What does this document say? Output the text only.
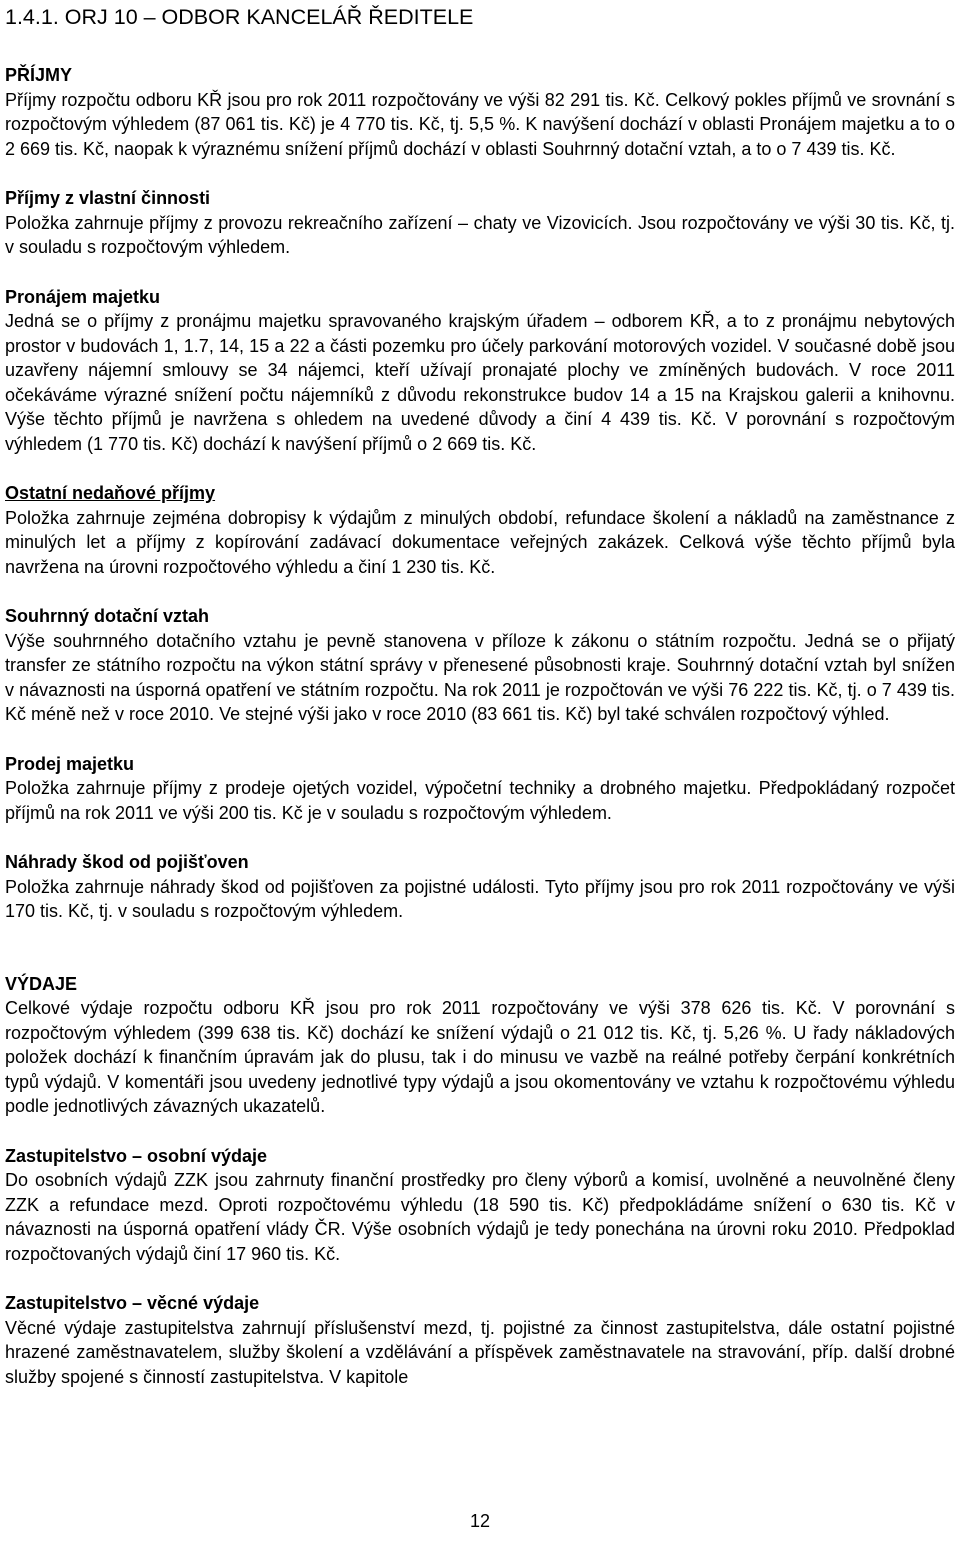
1.4.1. ORJ 10 – ODBOR KANCELÁŘ ŘEDITELE
PŘÍJMY

Příjmy rozpočtu odboru KŘ jsou pro rok 2011 rozpočtovány ve výši 82 291 tis. Kč. Celkový pokles příjmů ve srovnání s rozpočtovým výhledem (87 061 tis. Kč) je 4 770 tis. Kč, tj. 5,5 %. K navýšení dochází v oblasti Pronájem majetku a to o 2 669 tis. Kč, naopak k výraznému snížení příjmů dochází v oblasti Souhrnný dotační vztah, a to o 7 439 tis. Kč.

Příjmy z vlastní činnosti

Položka zahrnuje příjmy z provozu rekreačního zařízení – chaty ve Vizovicích. Jsou rozpočtovány ve výši 30 tis. Kč, tj. v souladu s rozpočtovým výhledem.

Pronájem majetku

Jedná se o příjmy z pronájmu majetku spravovaného krajským úřadem – odborem KŘ, a to z pronájmu nebytových prostor v budovách 1, 1.7, 14, 15 a 22 a části pozemku pro účely parkování motorových vozidel. V současné době jsou uzavřeny nájemní smlouvy se 34 nájemci, kteří užívají pronajaté plochy ve zmíněných budovách. V roce 2011 očekáváme výrazné snížení počtu nájemníků z důvodu rekonstrukce budov 14 a 15 na Krajskou galerii a knihovnu. Výše těchto příjmů je navržena s ohledem na uvedené důvody a činí 4 439 tis. Kč. V porovnání s rozpočtovým výhledem (1 770 tis. Kč) dochází k navýšení příjmů o 2 669 tis. Kč.

Ostatní nedaňové příjmy

Položka zahrnuje zejména dobropisy k výdajům z minulých období, refundace školení a nákladů na zaměstnance z minulých let a příjmy z kopírování zadávací dokumentace veřejných zakázek. Celková výše těchto příjmů byla navržena na úrovni rozpočtového výhledu a činí 1 230 tis. Kč.

Souhrnný dotační vztah

Výše souhrnného dotačního vztahu je pevně stanovena v příloze k zákonu o státním rozpočtu. Jedná se o přijatý transfer ze státního rozpočtu na výkon státní správy v přenesené působnosti kraje. Souhrnný dotační vztah byl snížen v návaznosti na úsporná opatření ve státním rozpočtu. Na rok 2011 je rozpočtován ve výši 76 222 tis. Kč, tj. o 7 439 tis. Kč méně než v roce 2010. Ve stejné výši jako v roce 2010 (83 661 tis. Kč) byl také schválen rozpočtový výhled.

Prodej majetku

Položka zahrnuje příjmy z prodeje ojetých vozidel, výpočetní techniky a drobného majetku. Předpokládaný rozpočet příjmů na rok 2011 ve výši 200 tis. Kč je v souladu s rozpočtovým výhledem.

Náhrady škod od pojišťoven

Položka zahrnuje náhrady škod od pojišťoven za pojistné události. Tyto příjmy jsou pro rok 2011 rozpočtovány ve výši 170 tis. Kč, tj. v souladu s rozpočtovým výhledem.

VÝDAJE

Celkové výdaje rozpočtu odboru KŘ jsou pro rok 2011 rozpočtovány ve výši 378 626 tis. Kč. V porovnání s rozpočtovým výhledem (399 638 tis. Kč) dochází ke snížení výdajů o 21 012 tis. Kč, tj. 5,26 %. U řady nákladových položek dochází k finančním úpravám jak do plusu, tak i do minusu ve vazbě na reálné potřeby čerpání konkrétních typů výdajů. V komentáři jsou uvedeny jednotlivé typy výdajů a jsou okomentovány ve vztahu k rozpočtovému výhledu podle jednotlivých závazných ukazatelů.

Zastupitelstvo – osobní výdaje

Do osobních výdajů ZZK jsou zahrnuty finanční prostředky pro členy výborů a komisí, uvolněné a neuvolněné členy ZZK a refundace mezd. Oproti rozpočtovému výhledu (18 590 tis. Kč) předpokládáme snížení o 630 tis. Kč v návaznosti na úsporná opatření vlády ČR. Výše osobních výdajů je tedy ponechána na úrovni roku 2010. Předpoklad rozpočtovaných výdajů činí 17 960 tis. Kč.

Zastupitelstvo – věcné výdaje

Věcné výdaje zastupitelstva zahrnují příslušenství mezd, tj. pojistné za činnost zastupitelstva, dále ostatní pojistné hrazené zaměstnavatelem, služby školení a vzdělávání a příspěvek zaměstnavatele na stravování, příp. další drobné služby spojené s činností zastupitelstva. V kapitole

12
